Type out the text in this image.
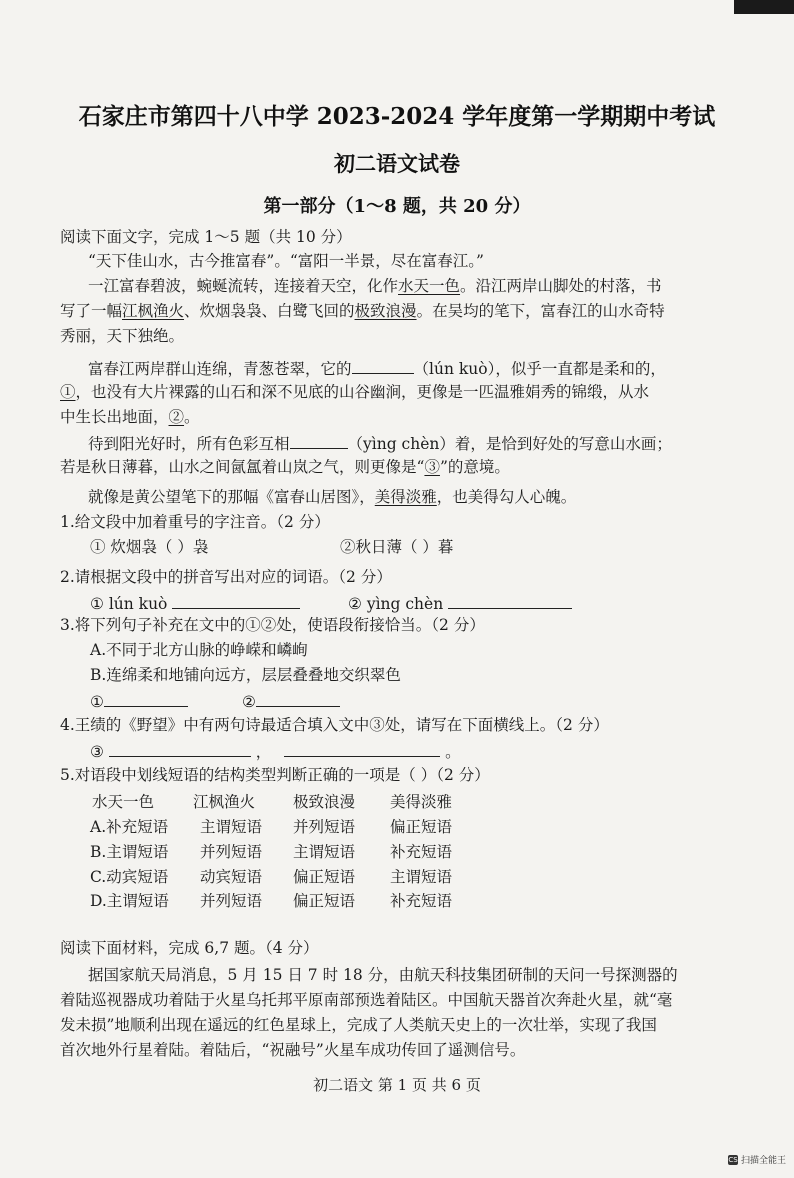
石家庄市第四十八中学 2023-2024 学年度第一学期期中考试
初二语文试卷
第一部分（1～8 题，共 20 分）
阅读下面文字，完成 1～5 题（共 10 分）
“天下佳山水，古今推富春”。“富阳一半景，尽在富春江。”
一江富春碧波，蜿蜒流转，连接着天空，化作水天一色。沿江两岸山脚处的村落，书
写了一幅江枫渔火、炊烟袅袅、白鹭飞回的极致浪漫。在吴均的笔下，富春江的山水奇特
秀丽，天下独绝。
富春江两岸群山连绵，青葱苍翠，它的	（lún kuò），似乎一直都是柔和的，
①，也没有大片裸露的山石和深不见底的山谷幽涧，更像是一匹温雅娟秀的锦缎，从水
中生长出地面，②。
待到阳光好时，所有色彩互相	（yìng chèn）着，是恰到好处的写意山水画；
若是秋日薄暮，山水之间氤氲着山岚之气，则更像是“③”的意境。
就像是黄公望笔下的那幅《富春山居图》，美得淡雅，也美得勾人心魄。
1.给文段中加着重号的字注音。（2 分）
① 炊烟袅（ ）袅	②秋日薄（ ）暮
2.请根据文段中的拼音写出对应的词语。（2 分）
① lún kuò	② yìng chèn
3.将下列句子补充在文中的①②处，使语段衔接恰当。（2 分）
A.不同于北方山脉的峥嵘和嶙峋
B.连绵柔和地铺向远方，层层叠叠地交织翠色
①	②
4.王绩的《野望》中有两句诗最适合填入文中③处，请写在下面横线上。（2 分）
③	，	。
5.对语段中划线短语的结构类型判断正确的一项是（ ）（2 分）
水天一色	江枫渔火 极致浪漫 美得淡雅
A.补充短语 主谓短语 并列短语 偏正短语
B.主谓短语 并列短语 主谓短语 补充短语
C.动宾短语 动宾短语 偏正短语 主谓短语
D.主谓短语 并列短语 偏正短语 补充短语
阅读下面材料，完成 6,7 题。（4 分）
据国家航天局消息，5 月 15 日 7 时 18 分，由航天科技集团研制的天问一号探测器的
着陆巡视器成功着陆于火星乌托邦平原南部预选着陆区。中国航天器首次奔赴火星，就“毫
发未损”地顺利出现在遥远的红色星球上，完成了人类航天史上的一次壮举，实现了我国
首次地外行星着陆。着陆后，“祝融号”火星车成功传回了遥测信号。
初二语文 第 1 页 共 6 页
CS 扫描全能王
